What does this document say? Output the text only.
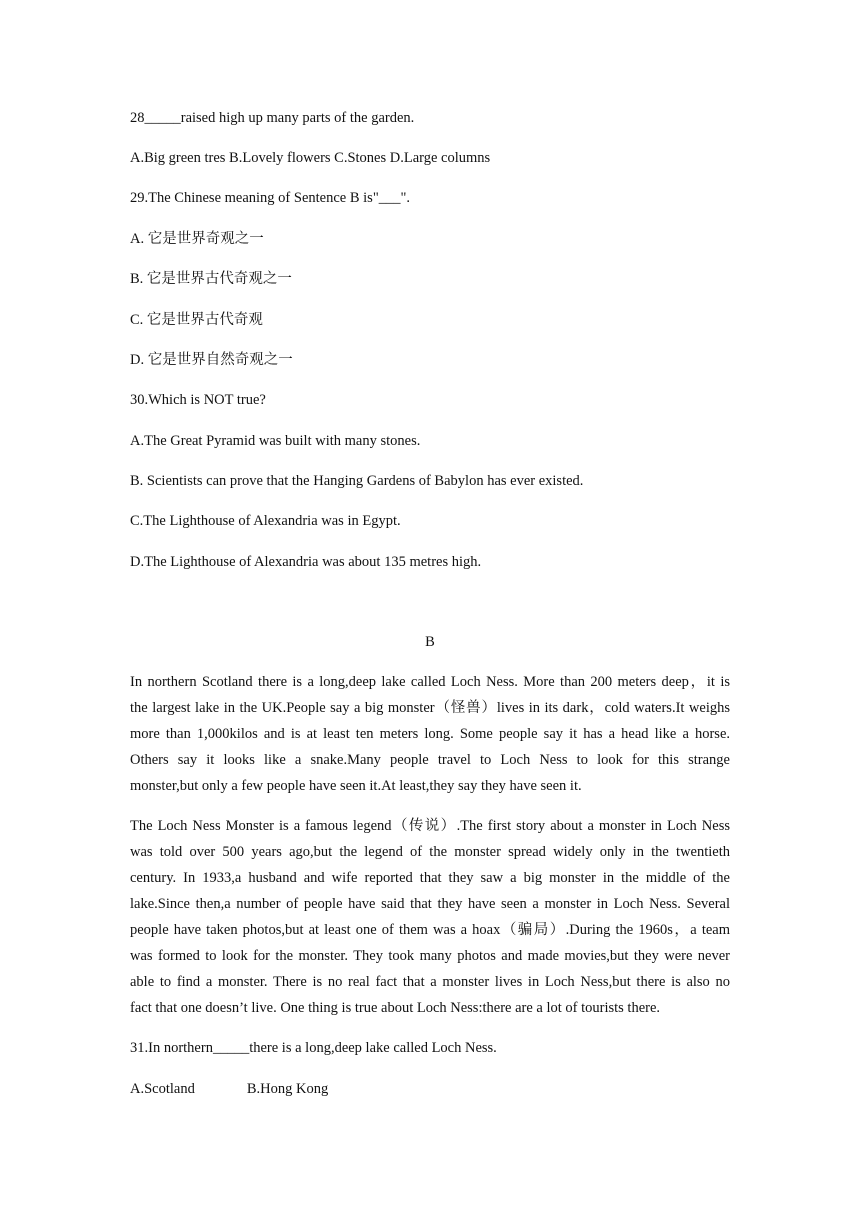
28_____raised high up many parts of the garden.
A.Big green tres B.Lovely flowers C.Stones D.Large columns
29.The Chinese meaning of Sentence B is"___".
A. 它是世界奇观之一
B. 它是世界古代奇观之一
C. 它是世界古代奇观
D. 它是世界自然奇观之一
30.Which is NOT true?
A.The Great Pyramid was built with many stones.
B. Scientists can prove that the Hanging Gardens of Babylon has ever existed.
C.The Lighthouse of Alexandria was in Egypt.
D.The Lighthouse of Alexandria was about 135 metres high.
B
In northern Scotland there is a long,deep lake called Loch Ness. More than 200 meters deep，it is
the largest lake in the UK.People say a big monster（怪兽）lives in its dark，cold waters.It weighs
more than 1,000kilos and is at least ten meters long. Some people say it has a head like a horse.
Others say it looks like a snake.Many people travel to Loch Ness to look for this strange
monster,but only a few people have seen it.At least,they say they have seen it.
The Loch Ness Monster is a famous legend（传说）.The first story about a monster in Loch Ness
was told over 500 years ago,but the legend of the monster spread widely only in the twentieth
century. In 1933,a husband and wife reported that they saw a big monster in the middle of the
lake.Since then,a number of people have said that they have seen a monster in Loch Ness. Several
people have taken photos,but at least one of them was a hoax（骗局）.During the 1960s，a team
was formed to look for the monster. They took many photos and made movies,but they were never
able to find a monster. There is no real fact that a monster lives in Loch Ness,but there is also no
fact that one doesn’t live. One thing is true about Loch Ness:there are a lot of tourists there.
31.In northern_____there is a long,deep lake called Loch Ness.
A.Scotland	B.Hong Kong
